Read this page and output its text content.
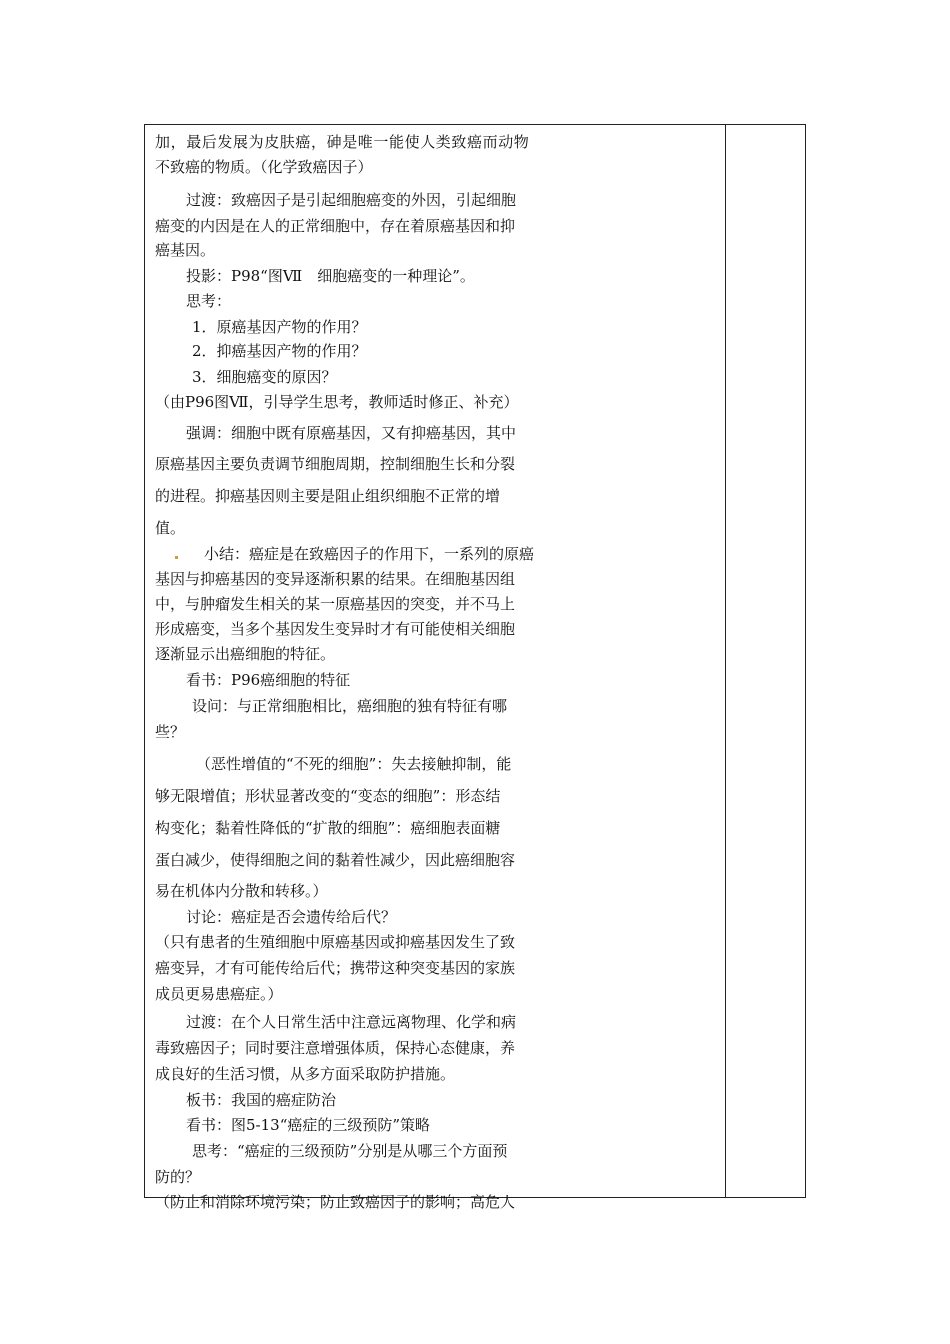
加，最后发展为皮肤癌，砷是唯一能使人类致癌而动物
不致癌的物质。（化学致癌因子）
过渡：致癌因子是引起细胞癌变的外因，引起细胞
癌变的内因是在人的正常细胞中，存在着原癌基因和抑
癌基因。
投影：P98“图Ⅶ　细胞癌变的一种理论”。
思考：
1．原癌基因产物的作用？
2．抑癌基因产物的作用？
3．细胞癌变的原因？
（由P96图Ⅶ，引导学生思考，教师适时修正、补充）
强调：细胞中既有原癌基因，又有抑癌基因，其中
原癌基因主要负责调节细胞周期，控制细胞生长和分裂
的进程。抑癌基因则主要是阻止组织细胞不正常的增
值。
小结：癌症是在致癌因子的作用下，一系列的原癌
基因与抑癌基因的变异逐渐积累的结果。在细胞基因组
中，与肿瘤发生相关的某一原癌基因的突变，并不马上
形成癌变，当多个基因发生变异时才有可能使相关细胞
逐渐显示出癌细胞的特征。
看书：P96癌细胞的特征
设问：与正常细胞相比，癌细胞的独有特征有哪
些？
（恶性增值的“不死的细胞”：失去接触抑制，能
够无限增值；形状显著改变的“变态的细胞”：形态结
构变化；黏着性降低的“扩散的细胞”：癌细胞表面糖
蛋白减少，使得细胞之间的黏着性减少，因此癌细胞容
易在机体内分散和转移。）
讨论：癌症是否会遗传给后代？
（只有患者的生殖细胞中原癌基因或抑癌基因发生了致
癌变异，才有可能传给后代；携带这种突变基因的家族
成员更易患癌症。）
过渡：在个人日常生活中注意远离物理、化学和病
毒致癌因子；同时要注意增强体质，保持心态健康，养
成良好的生活习惯，从多方面采取防护措施。
板书：我国的癌症防治
看书：图5-13“癌症的三级预防”策略
思考：“癌症的三级预防”分别是从哪三个方面预
防的？
（防止和消除环境污染；防止致癌因子的影响；高危人
